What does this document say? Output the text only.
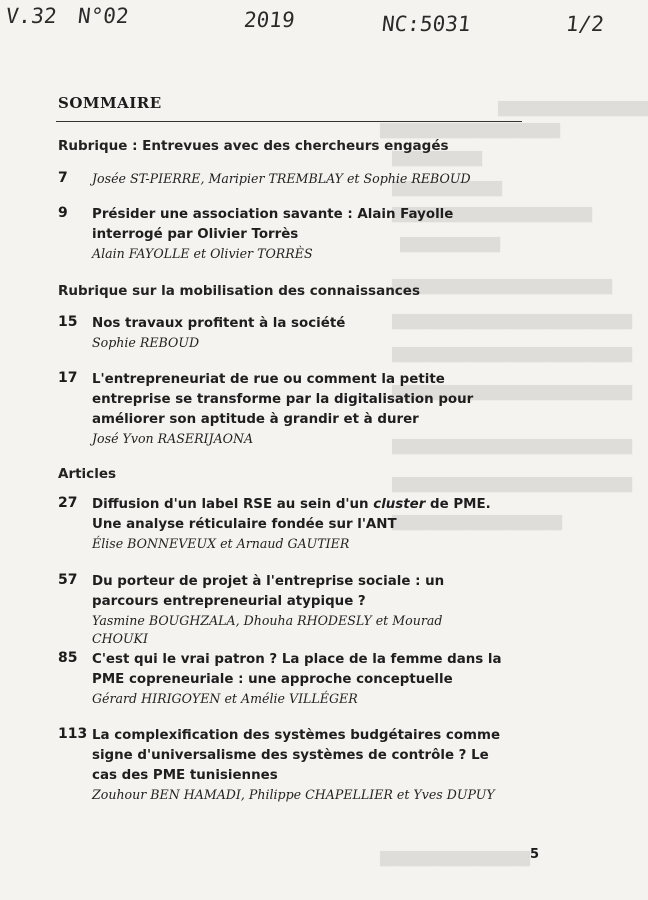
███████████████
██████████████████
█████████
███████████
████████████████████
██████████
██████████████████████
████████████████████████
████████████████████████
████████████████████████
████████████████████████
████████████████████████
█████████████████
███████████████
V.32 N°02	2019	NC:5031	1/2
SOMMAIRE
Rubrique : Entrevues avec des chercheurs engagés
7 Josée ST-PIERRE, Maripier TREMBLAY et Sophie REBOUD
9 Présider une association savante : Alain Fayolle interrogé par Olivier Torrès
Alain FAYOLLE et Olivier TORRÈS
Rubrique sur la mobilisation des connaissances
15 Nos travaux profitent à la société
Sophie REBOUD
17 L'entrepreneuriat de rue ou comment la petite entreprise se transforme par la digitalisation pour améliorer son aptitude à grandir et à durer
José Yvon RASERIJAONA
Articles
27 Diffusion d'un label RSE au sein d'un cluster de PME. Une analyse réticulaire fondée sur l'ANT
Élise BONNEVEUX et Arnaud GAUTIER
57 Du porteur de projet à l'entreprise sociale : un parcours entrepreneurial atypique ?
Yasmine BOUGHZALA, Dhouha RHODESLY et Mourad CHOUKI
85 C'est qui le vrai patron ? La place de la femme dans la PME copreneuriale : une approche conceptuelle
Gérard HIRIGOYEN et Amélie VILLÉGER
113 La complexification des systèmes budgétaires comme signe d'universalisme des systèmes de contrôle ? Le cas des PME tunisiennes
Zouhour BEN HAMADI, Philippe CHAPELLIER et Yves DUPUY
5
